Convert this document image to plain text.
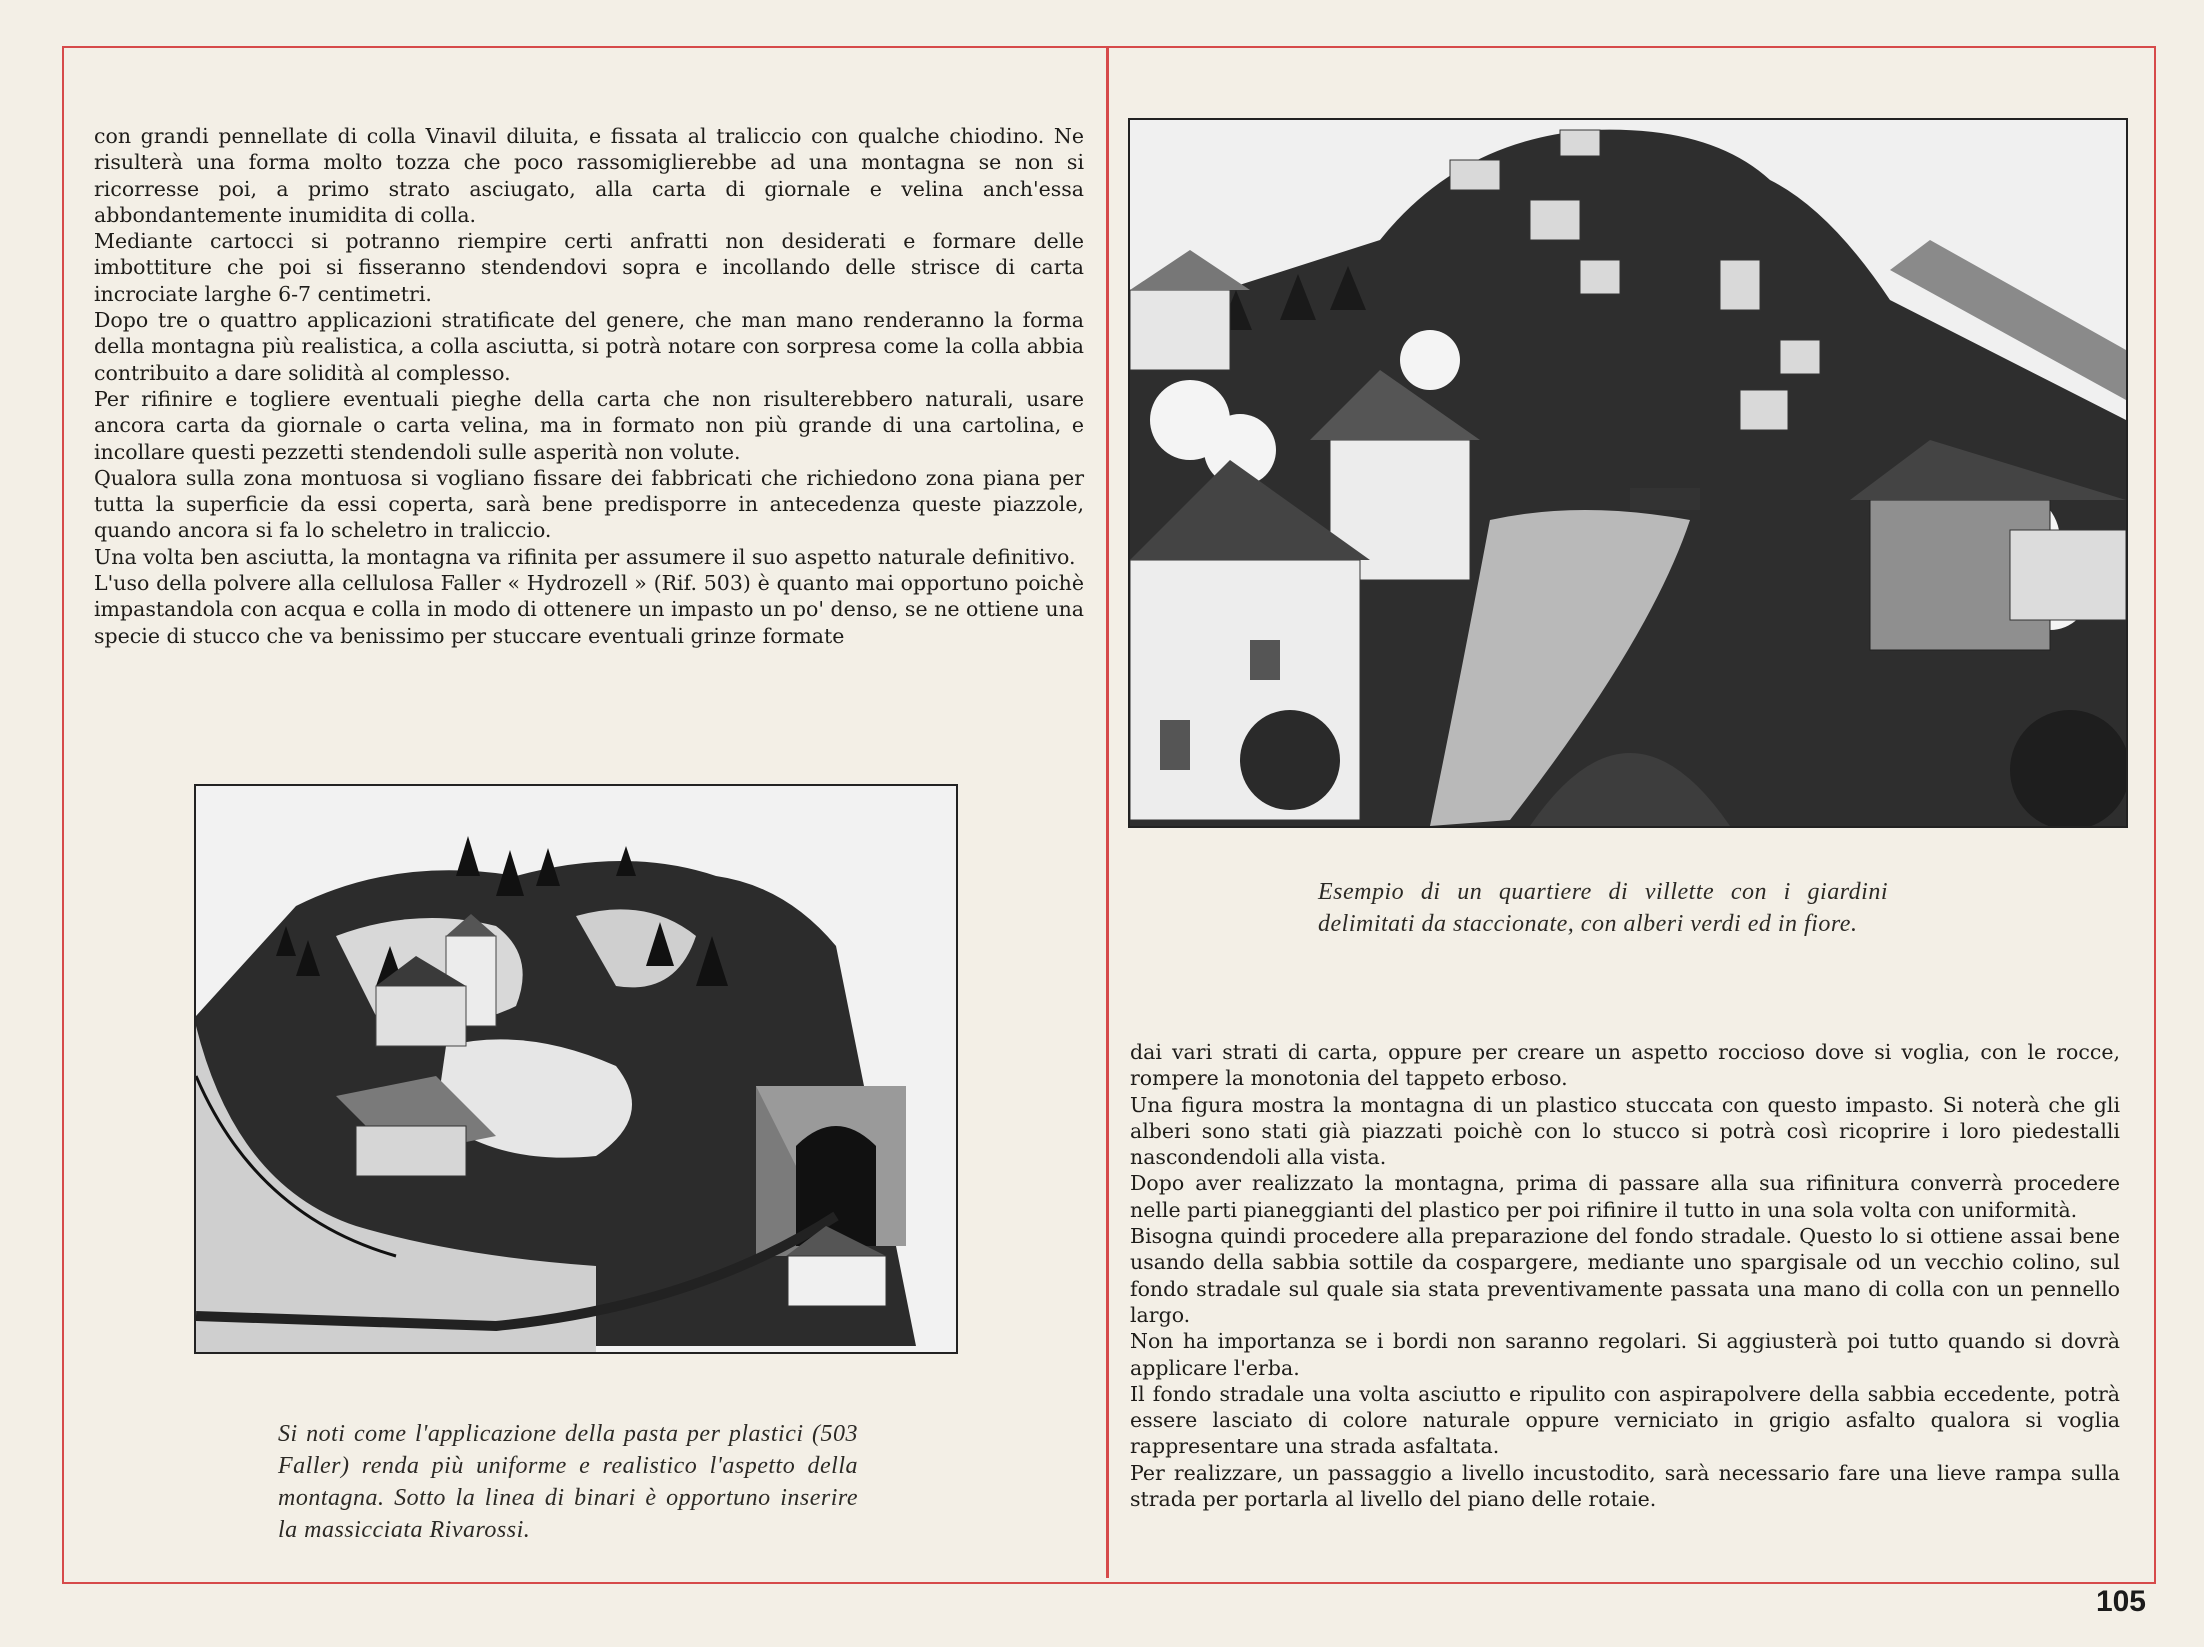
con grandi pennellate di colla Vinavil diluita, e fissata al traliccio con qualche chiodino. Ne risulterà una forma molto tozza che poco rassomiglierebbe ad una montagna se non si ricorresse poi, a primo strato asciugato, alla carta di giornale e velina anch'essa abbondantemente inumidita di colla.

Mediante cartocci si potranno riempire certi anfratti non desiderati e formare delle imbottiture che poi si fisseranno stendendovi sopra e incollando delle strisce di carta incrociate larghe 6-7 centimetri.

Dopo tre o quattro applicazioni stratificate del genere, che man mano renderanno la forma della montagna più realistica, a colla asciutta, si potrà notare con sorpresa come la colla abbia contribuito a dare solidità al complesso.

Per rifinire e togliere eventuali pieghe della carta che non risulterebbero naturali, usare ancora carta da giornale o carta velina, ma in formato non più grande di una cartolina, e incollare questi pezzetti stendendoli sulle asperità non volute.

Qualora sulla zona montuosa si vogliano fissare dei fabbricati che richiedono zona piana per tutta la superficie da essi coperta, sarà bene predisporre in antecedenza queste piazzole, quando ancora si fa lo scheletro in traliccio.

Una volta ben asciutta, la montagna va rifinita per assumere il suo aspetto naturale definitivo.

L'uso della polvere alla cellulosa Faller « Hydrozell » (Rif. 503) è quanto mai opportuno poichè impastandola con acqua e colla in modo di ottenere un impasto un po' denso, se ne ottiene una specie di stucco che va benissimo per stuccare eventuali grinze formate

Si noti come l'applicazione della pasta per plastici (503 Faller) renda più uniforme e realistico l'aspetto della montagna. Sotto la linea di binari è opportuno inserire la massicciata Rivarossi.
Esempio di un quartiere di villette con i giardini delimitati da staccionate, con alberi verdi ed in fiore.

dai vari strati di carta, oppure per creare un aspetto roccioso dove si voglia, con le rocce, rompere la monotonia del tappeto erboso.

Una figura mostra la montagna di un plastico stuccata con questo impasto. Si noterà che gli alberi sono stati già piazzati poichè con lo stucco si potrà così ricoprire i loro piedestalli nascondendoli alla vista.

Dopo aver realizzato la montagna, prima di passare alla sua rifinitura converrà procedere nelle parti pianeggianti del plastico per poi rifinire il tutto in una sola volta con uniformità.

Bisogna quindi procedere alla preparazione del fondo stradale. Questo lo si ottiene assai bene usando della sabbia sottile da cospargere, mediante uno spargisale od un vecchio colino, sul fondo stradale sul quale sia stata preventivamente passata una mano di colla con un pennello largo.

Non ha importanza se i bordi non saranno regolari. Si aggiusterà poi tutto quando si dovrà applicare l'erba.

Il fondo stradale una volta asciutto e ripulito con aspirapolvere della sabbia eccedente, potrà essere lasciato di colore naturale oppure verniciato in grigio asfalto qualora si voglia rappresentare una strada asfaltata.

Per realizzare, un passaggio a livello incustodito, sarà necessario fare una lieve rampa sulla strada per portarla al livello del piano delle rotaie.

105
